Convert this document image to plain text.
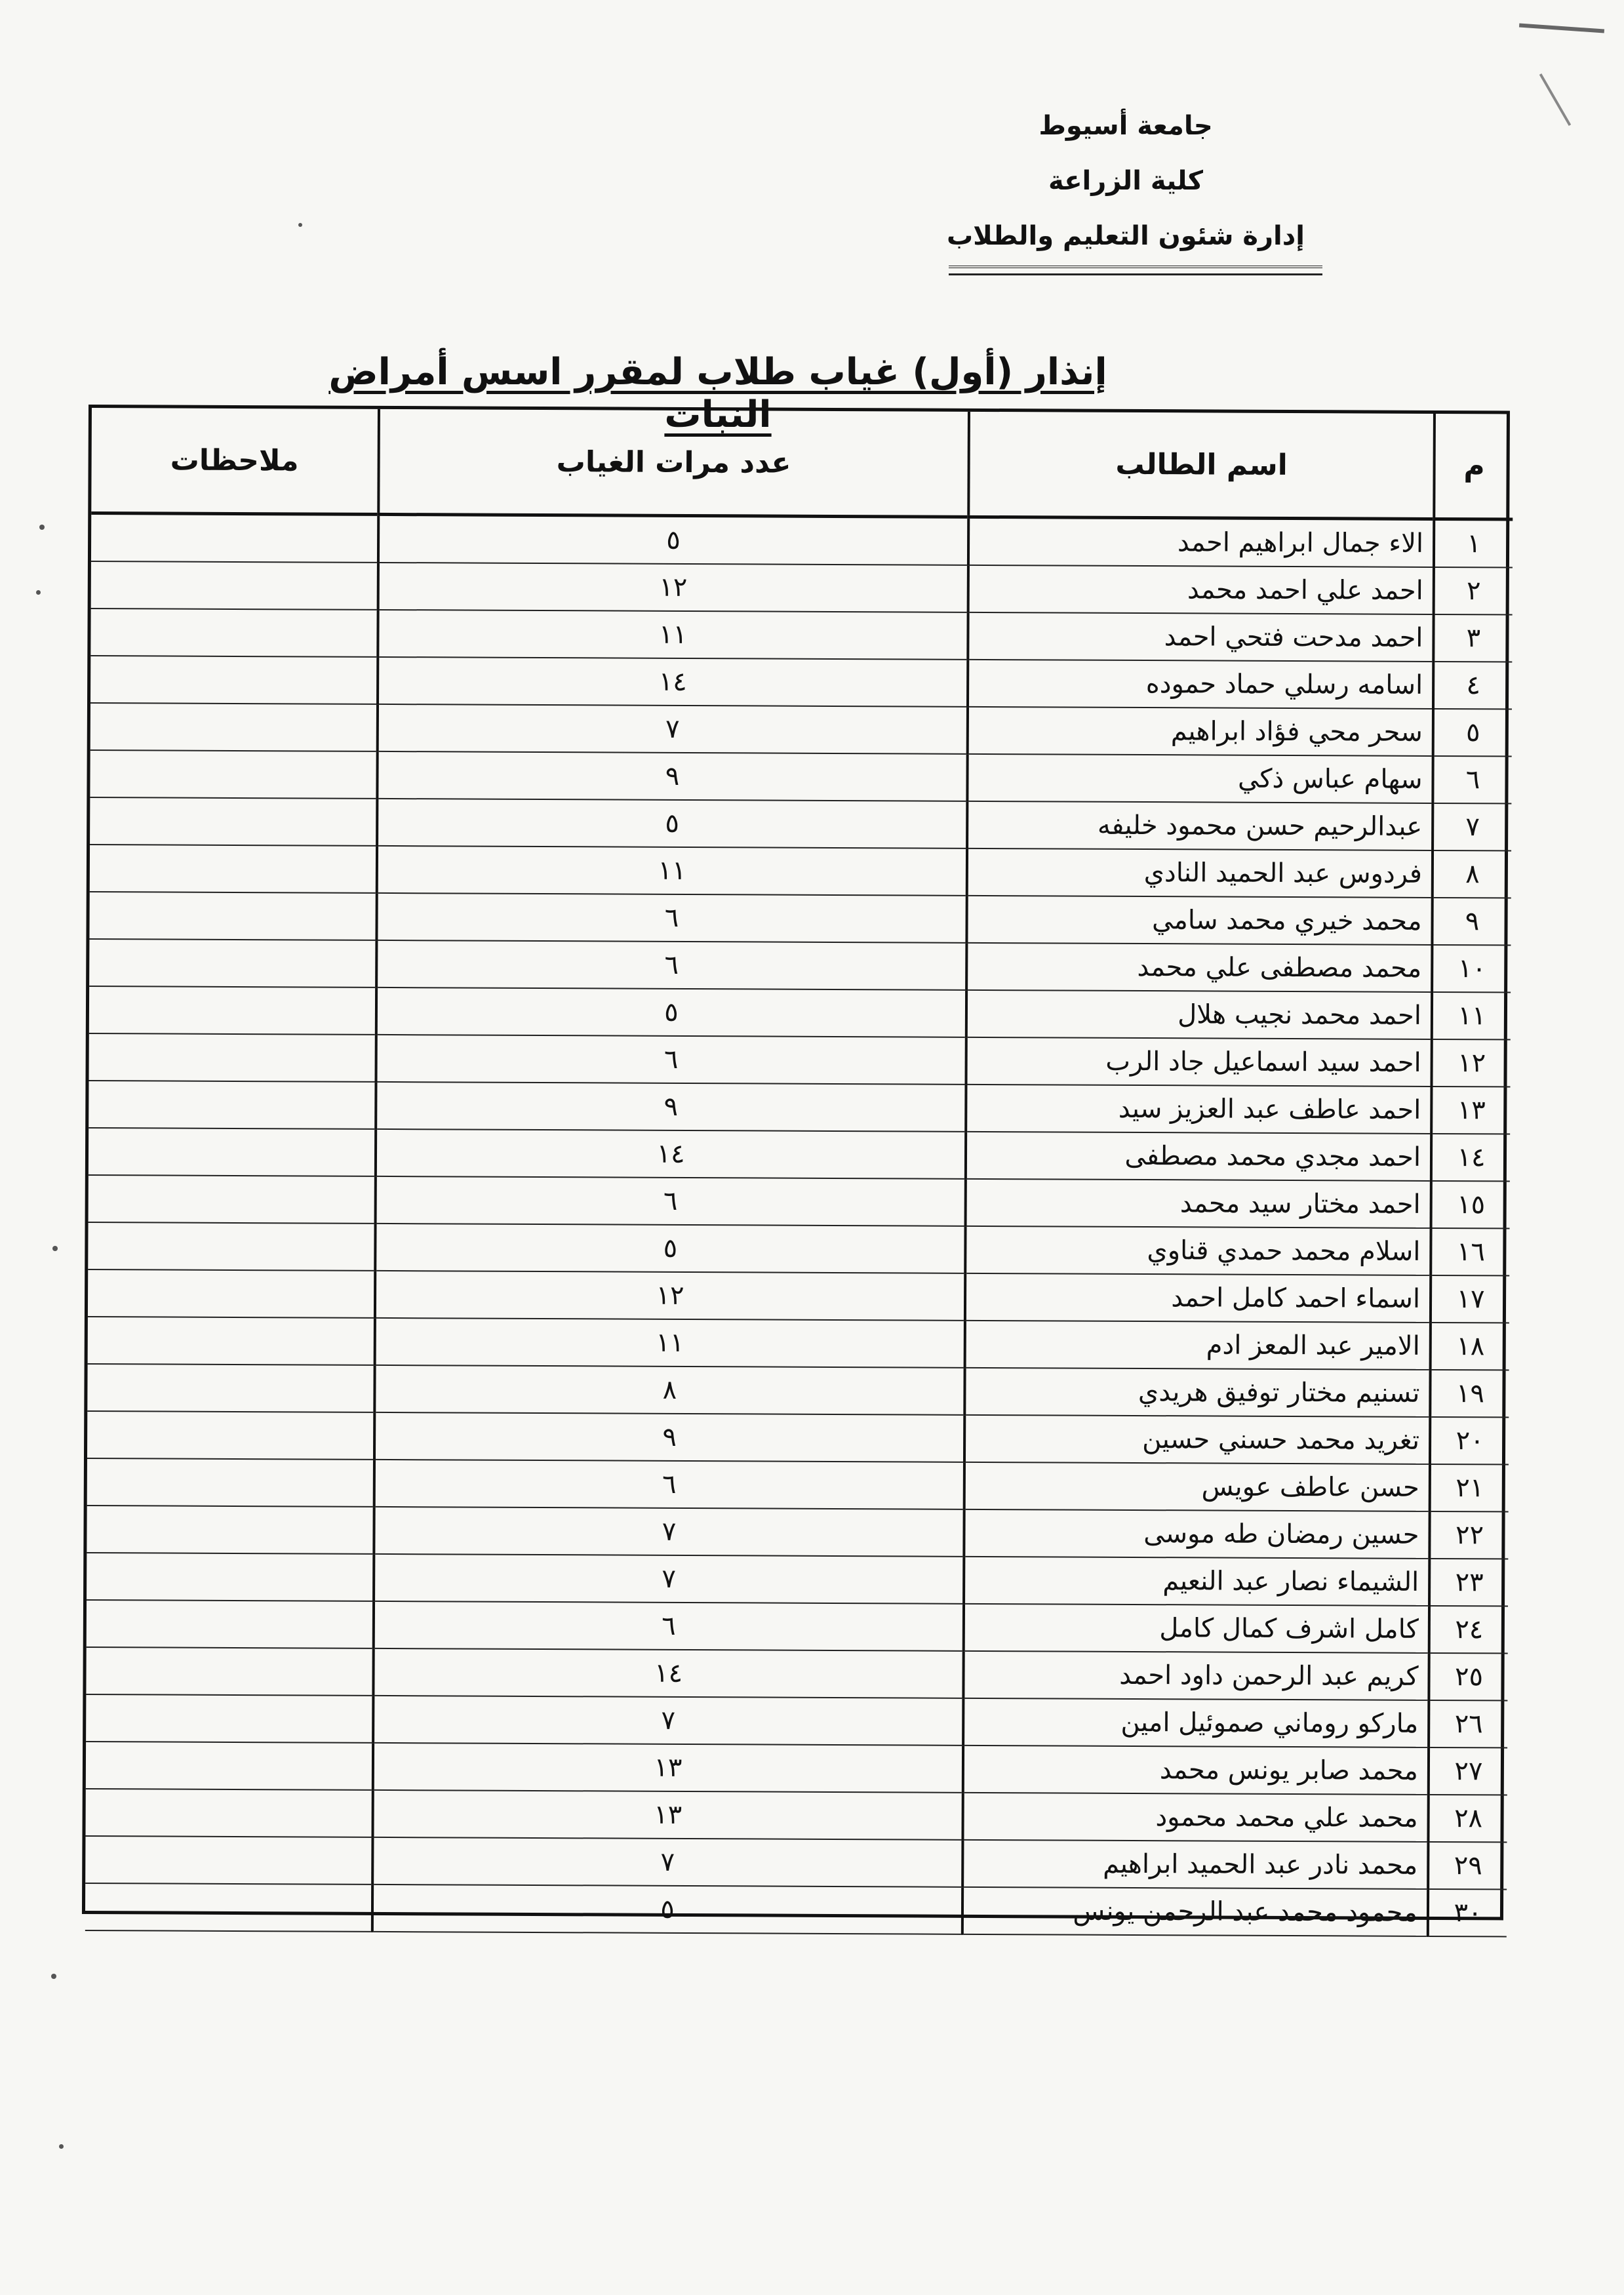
جامعة أسيوط
كلية الزراعة
إدارة شئون التعليم والطلاب
إنذار (أول) غياب طلاب لمقرر اسس أمراض النبات
م	اسم الطالب	عدد مرات الغياب	ملاحظات
١	الاء جمال ابراهيم احمد	٥	
٢	احمد علي احمد محمد	١٢	
٣	احمد مدحت فتحي احمد	١١	
٤	اسامه رسلي حماد حموده	١٤	
٥	سحر محي فؤاد ابراهيم	٧	
٦	سهام عباس ذكي	٩	
٧	عبدالرحيم حسن محمود خليفه	٥	
٨	فردوس عبد الحميد النادي	١١	
٩	محمد خيري محمد سامي	٦	
١٠	محمد مصطفى علي محمد	٦	
١١	احمد محمد نجيب هلال	٥	
١٢	احمد سيد اسماعيل جاد الرب	٦	
١٣	احمد عاطف عبد العزيز سيد	٩	
١٤	احمد مجدي محمد مصطفى	١٤	
١٥	احمد مختار سيد محمد	٦	
١٦	اسلام محمد حمدي قناوي	٥	
١٧	اسماء احمد كامل احمد	١٢	
١٨	الامير عبد المعز ادم	١١	
١٩	تسنيم مختار توفيق هريدي	٨	
٢٠	تغريد محمد حسني حسين	٩	
٢١	حسن عاطف عويس	٦	
٢٢	حسين رمضان طه موسى	٧	
٢٣	الشيماء نصار عبد النعيم	٧	
٢٤	كامل اشرف كمال كامل	٦	
٢٥	كريم عبد الرحمن داود احمد	١٤	
٢٦	ماركو روماني صموئيل امين	٧	
٢٧	محمد صابر يونس محمد	١٣	
٢٨	محمد علي محمد محمود	١٣	
٢٩	محمد نادر عبد الحميد ابراهيم	٧	
٣٠	محمود محمد عبد الرحمن يونس	٥	
